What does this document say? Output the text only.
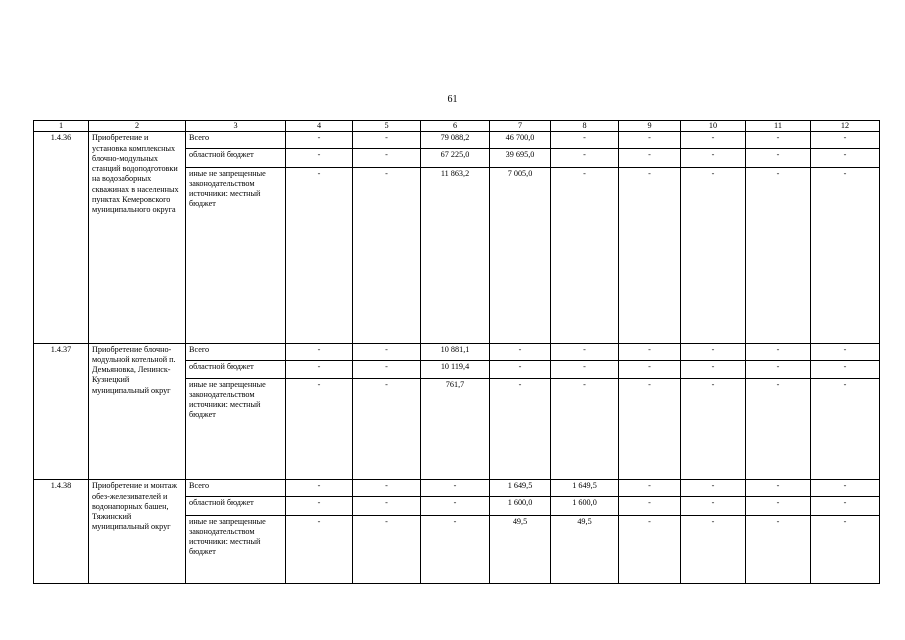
61
1	2	3	4	5	6	7	8	9	10	11	12
1.4.36	Приобретение и установка комплексных блочно-модульных станций водоподготовки на водозаборных скважинах в населенных пунктах Кемеровского муниципального округа	Всего	-	-	79 088,2	46 700,0	-	-	-	-	-
		областной бюджет	-	-	67 225,0	39 695,0	-	-	-	-	-
		иные не запрещенные законодательством источники: местный бюджет	-	-	11 863,2	7 005,0	-	-	-	-	-
1.4.37	Приобретение блочно-модульной котельной п. Демьяновка, Ленинск-Кузнецкий муниципальный округ	Всего	-	-	10 881,1	-	-	-	-	-	-
		областной бюджет	-	-	10 119,4	-	-	-	-	-	-
		иные не запрещенные законодательством источники: местный бюджет	-	-	761,7	-	-	-	-	-	-
1.4.38	Приобретение и монтаж обез-железивателей и водонапорных башен, Тяжинский муниципальный округ	Всего	-	-	-	1 649,5	1 649,5	-	-	-	-
		областной бюджет	-	-	-	1 600,0	1 600,0	-	-	-	-
		иные не запрещенные законодательством источники: местный бюджет	-	-	-	49,5	49,5	-	-	-	-
